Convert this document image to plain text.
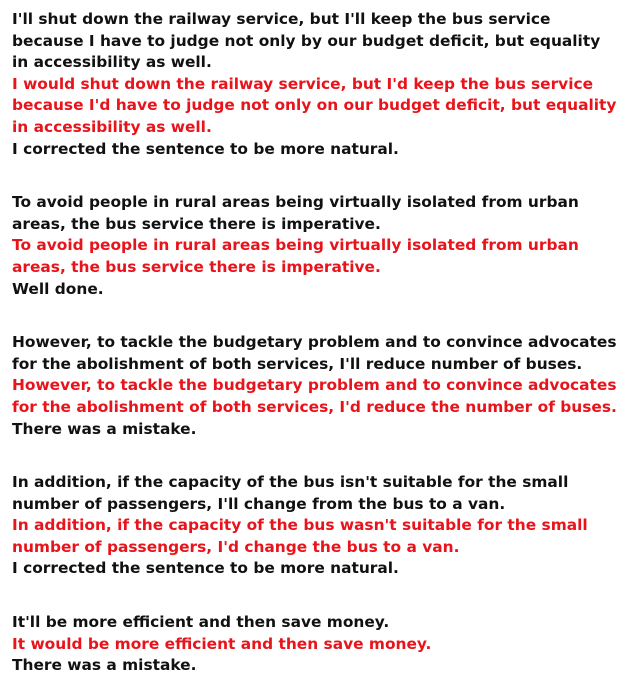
I'll shut down the railway service, but I'll keep the bus service because I have to judge not only by our budget deficit, but equality in accessibility as well.
I would shut down the railway service, but I'd keep the bus service because I'd have to judge not only on our budget deficit, but equality in accessibility as well.
I corrected the sentence to be more natural.
To avoid people in rural areas being virtually isolated from urban areas, the bus service there is imperative.
To avoid people in rural areas being virtually isolated from urban areas, the bus service there is imperative.
Well done.
However, to tackle the budgetary problem and to convince advocates for the abolishment of both services, I'll reduce number of buses.
However, to tackle the budgetary problem and to convince advocates for the abolishment of both services, I'd reduce the number of buses.
There was a mistake.
In addition, if the capacity of the bus isn't suitable for the small number of passengers, I'll change from the bus to a van.
In addition, if the capacity of the bus wasn't suitable for the small number of passengers, I'd change the bus to a van.
I corrected the sentence to be more natural.
It'll be more efficient and then save money.
It would be more efficient and then save money.
There was a mistake.
